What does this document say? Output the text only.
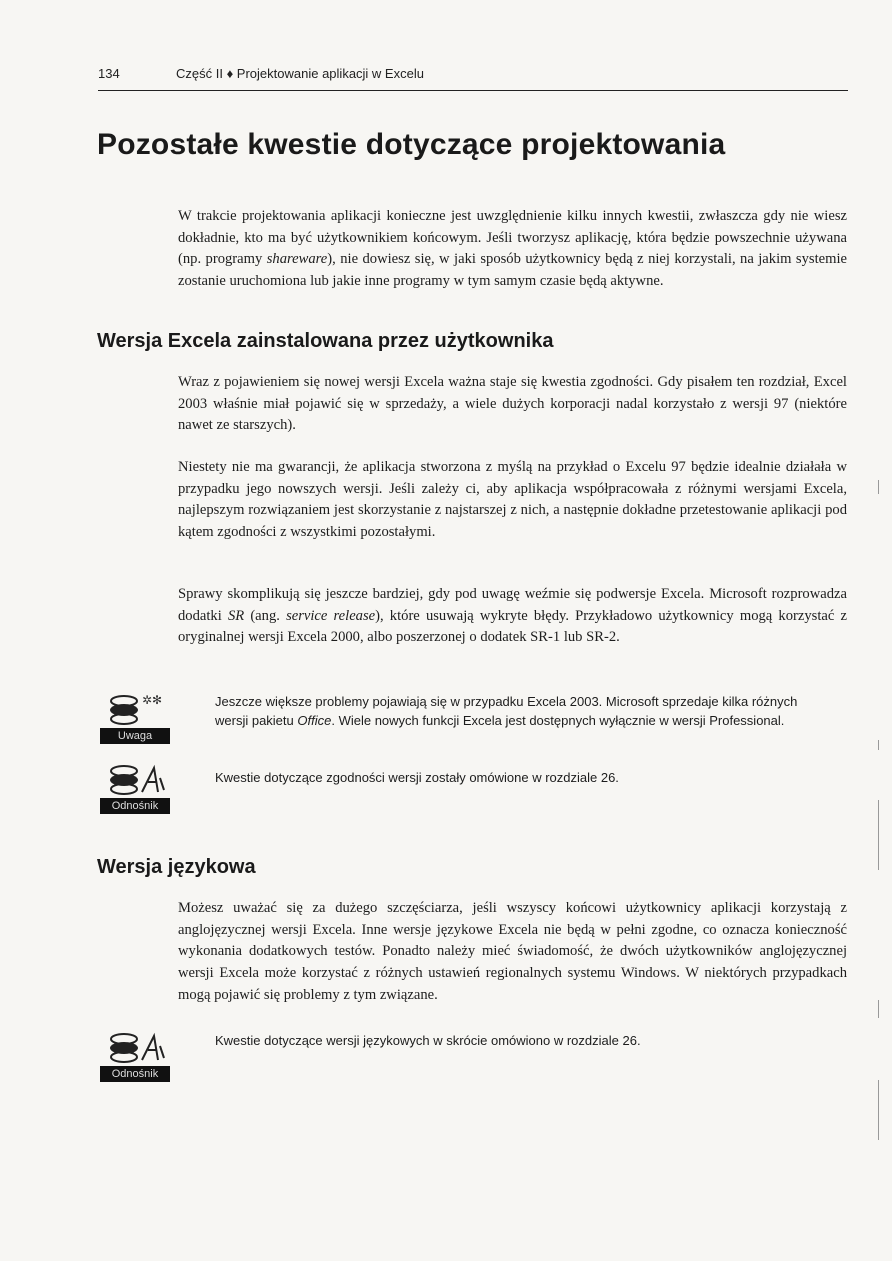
134	Część II ♦ Projektowanie aplikacji w Excelu
Pozostałe kwestie dotyczące projektowania

W trakcie projektowania aplikacji konieczne jest uwzględnienie kilku innych kwestii, zwłaszcza gdy nie wiesz dokładnie, kto ma być użytkownikiem końcowym. Jeśli tworzysz aplikację, która będzie powszechnie używana (np. programy shareware), nie dowiesz się, w jaki sposób użytkownicy będą z niej korzystali, na jakim systemie zostanie uruchomiona lub jakie inne programy w tym samym czasie będą aktywne.

Wersja Excela zainstalowana przez użytkownika

Wraz z pojawieniem się nowej wersji Excela ważna staje się kwestia zgodności. Gdy pisałem ten rozdział, Excel 2003 właśnie miał pojawić się w sprzedaży, a wiele dużych korporacji nadal korzystało z wersji 97 (niektóre nawet ze starszych).

Niestety nie ma gwarancji, że aplikacja stworzona z myślą na przykład o Excelu 97 będzie idealnie działała w przypadku jego nowszych wersji. Jeśli zależy ci, aby aplikacja współpracowała z różnymi wersjami Excela, najlepszym rozwiązaniem jest skorzystanie z najstarszej z nich, a następnie dokładne przetestowanie aplikacji pod kątem zgodności z wszystkimi pozostałymi.

Sprawy skomplikują się jeszcze bardziej, gdy pod uwagę weźmie się podwersje Excela. Microsoft rozprowadza dodatki SR (ang. service release), które usuwają wykryte błędy. Przykładowo użytkownicy mogą korzystać z oryginalnej wersji Excela 2000, albo poszerzonej o dodatek SR-1 lub SR-2.

✲✻
Uwaga

Jeszcze większe problemy pojawiają się w przypadku Excela 2003. Microsoft sprzedaje kilka różnych wersji pakietu Office. Wiele nowych funkcji Excela jest dostępnych wyłącznie w wersji Professional.

Odnośnik

Kwestie dotyczące zgodności wersji zostały omówione w rozdziale 26.

Wersja językowa

Możesz uważać się za dużego szczęściarza, jeśli wszyscy końcowi użytkownicy aplikacji korzystają z anglojęzycznej wersji Excela. Inne wersje językowe Excela nie będą w pełni zgodne, co oznacza konieczność wykonania dodatkowych testów. Ponadto należy mieć świadomość, że dwóch użytkowników anglojęzycznej wersji Excela może korzystać z różnych ustawień regionalnych systemu Windows. W niektórych przypadkach mogą pojawić się problemy z tym związane.

Odnośnik

Kwestie dotyczące wersji językowych w skrócie omówiono w rozdziale 26.
